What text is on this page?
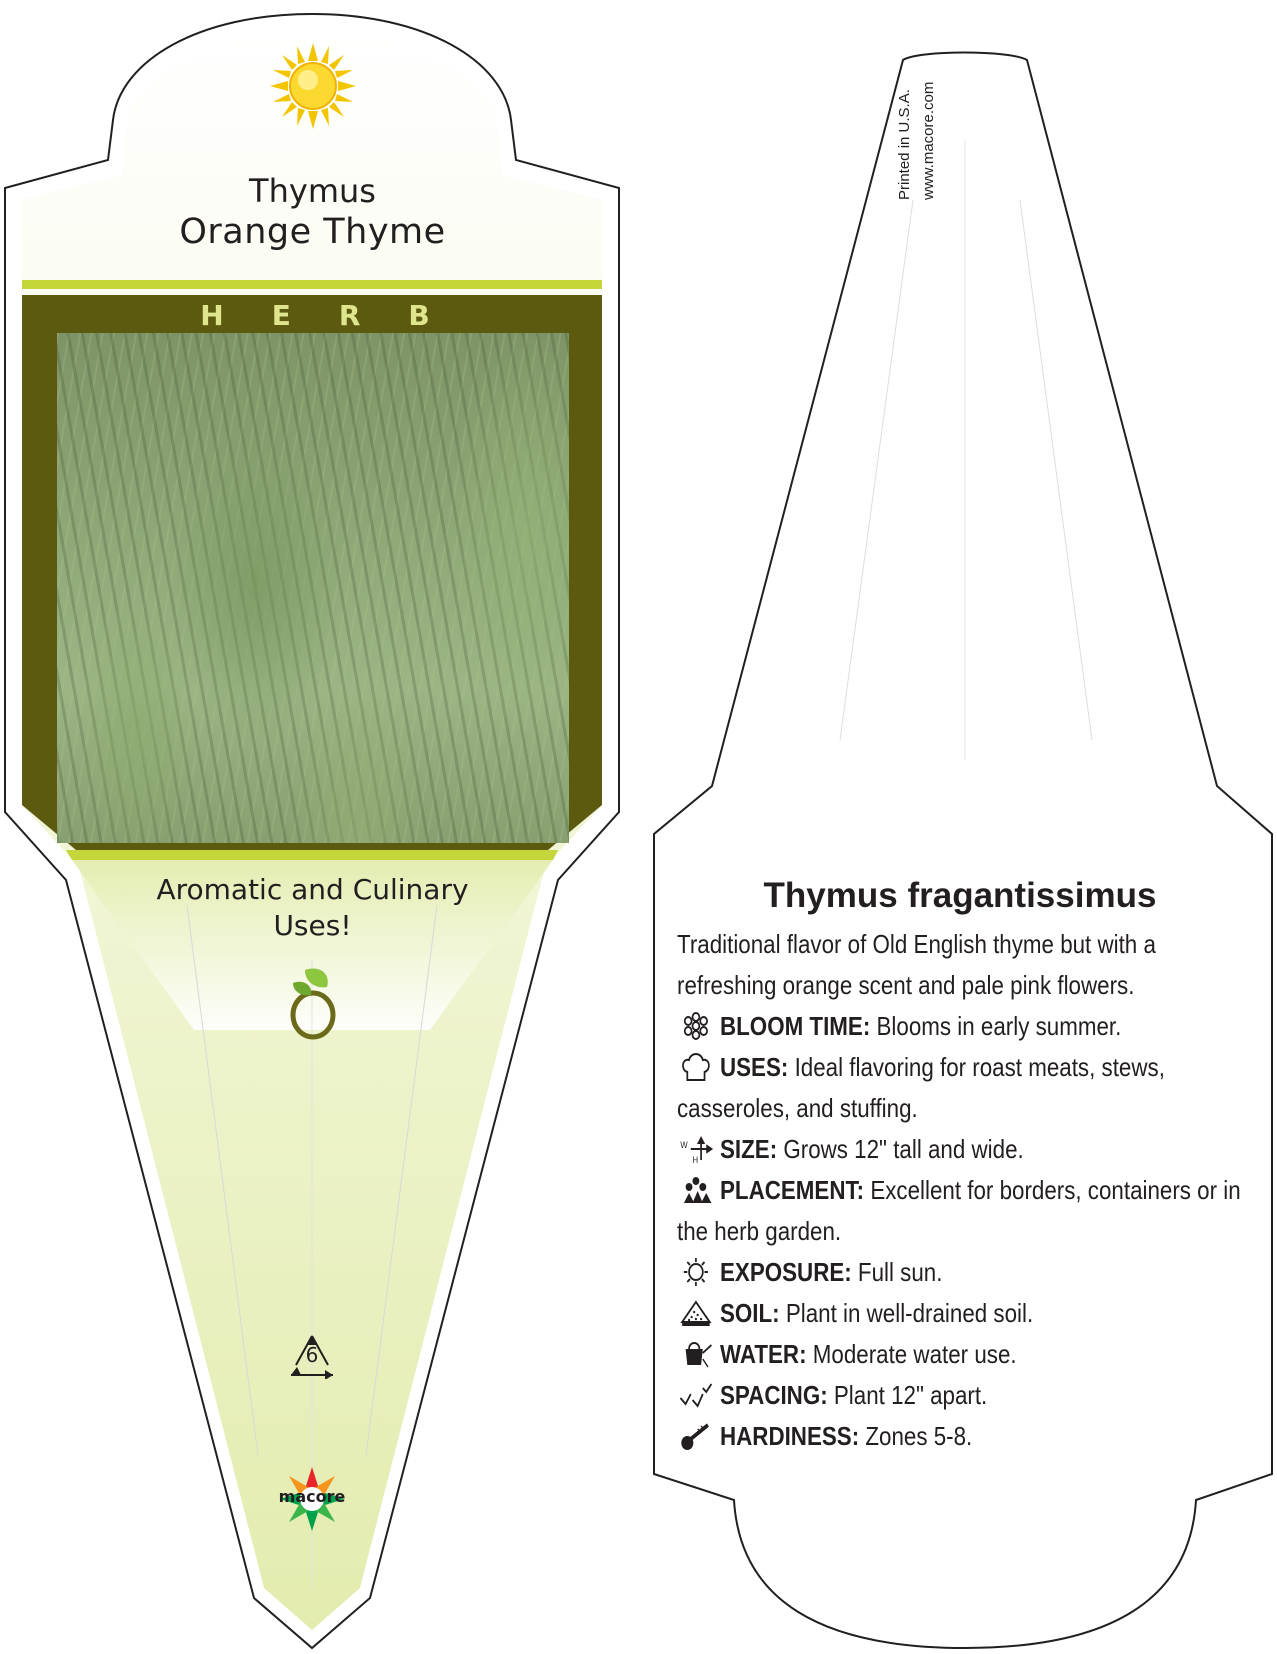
Thymus
Orange Thyme
HERB
Aromatic and Culinary Uses!
6
macore
Printed in U.S.A. www.macore.com
Thymus fragantissimus
Traditional flavor of Old English thyme but with a refreshing orange scent and pale pink flowers.
BLOOM TIME: Blooms in early summer.
USES: Ideal flavoring for roast meats, stews, casseroles, and stuffing.
W
H SIZE: Grows 12" tall and wide.
PLACEMENT: Excellent for borders, containers or in the herb garden.
EXPOSURE: Full sun.
SOIL: Plant in well-drained soil.
WATER: Moderate water use.
SPACING: Plant 12" apart.
HARDINESS: Zones 5-8.
